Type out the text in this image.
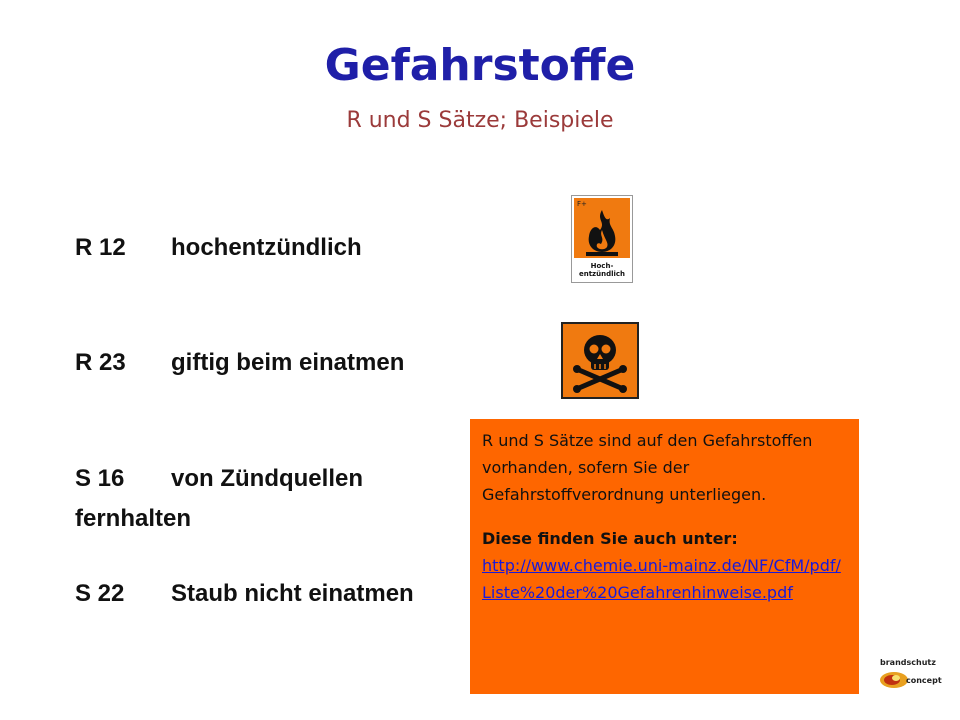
Gefahrstoffe
R und S Sätze; Beispiele
R 12 hochentzündlich
R 23 giftig beim einatmen
S 16 von Zündquellen
fernhalten
S 22 Staub nicht einatmen
F+
Hoch-
entzündlich

R und S Sätze sind auf den Gefahrstoffen vorhanden, sofern Sie der Gefahrstoffverordnung unterliegen.

Diese finden Sie auch unter:

http://www.chemie.uni-mainz.de/NF/CfM/pdf/Liste%20der%20Gefahrenhinweise.pdf
brandschutz
concept
